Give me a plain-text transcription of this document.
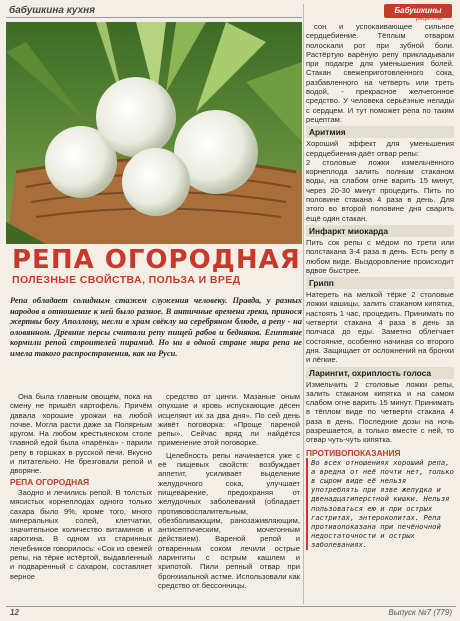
бабушкина кухня	Бабушкины
рецепты
РЕПА ОГОРОДНАЯ
ПОЛЕЗНЫЕ СВОЙСТВА, ПОЛЬЗА И ВРЕД
Репа обладает солидным стажем служения человеку. Правда, у разных народов в отношение к ней было разное. В античные времена греки, принося жертвы богу Аполлону, несли в храм свёклу на серебряном блюде, а репу - на оловянном. Древние персы считали репу пищей рабов и бедняков. Египтяне кормили репой строителей пирамид. Но ни в одной стране мира репа не имела такого распространения, как на Руси.

Она была главным овощем, пока на смену не пришёл картофель. Причём давала хорошие урожаи на любой почве. Могла расти даже за Полярным кругом. На любом крестьянском столе главной едой была «парёнка» - парили репу в горшках в русской печи. Вкусно и питательно. Не брезговали репой и дворяне.

РЕПА ОГОРОДНАЯ

Заодно и лечились репой. В толстых мясистых корнеплодах одного только сахара было 9%, кроме того, много минеральных солей, клетчатки, значительное количество витаминов и каротина. В одном из старинных лечебников говорилось: «Сок из свежей репы, на тёрке истёртой, выдавленный и подваренный с сахаром, составляет верное

средство от цинги. Мазаные оным опухшие и кровь испускающие дёсен исцеляют их за два дня». По сей день живёт поговорка: «Проще пареной репы». Сейчас вряд ли найдётся применение этой поговорке.

Целебность репы начинается уже с её пищевых свойств: возбуждает аппетит, усиливает выделение желудочного сока, улучшает пищеварение, предохраняя от желудочных заболеваний (обладает противовоспалительным, обезболивающим, ранозаживляющим, антисептическим, мочегонным действием). Вареной репой и отваренным соком лечили острые ларингиты с острым кашлем и хрипотой. Пили репный отвар при бронхиальной астме. Использовали как средство от бессонницы.

сон и успокаивающее сильное сердцебиение. Тёплым отваром полоскали рот при зубной боли. Растёртую варёную репу прикладывали при подагре для уменьшения болей. Стакан свежеприготовленного сока, разбавленного на четверть или треть водой, - прекрасное желчегонное средство. У человека серьёзные нелады с сердцем. И тут поможет репа по таким рецептам.

Аритмия
Хороший эффект для уменьшения сердцебиения даёт отвар репы:
2 столовые ложки измельчённого корнеплода залить полным стаканом воды, на слабом огне варить 15 минут, через 20-30 минут процедить. Пить по половине стакана 4 раза в день. Для этого во второй половине дня сварить ещё один стакан.
Инфаркт миокарда
Пить сок репы с мёдом по трети или полстакана 3-4 раза в день. Есть репу в любом виде. Выздоровление происходит вдвое быстрее.
Грипп
Натереть на мелкой тёрке 2 столовые ложки кашицы, залить стаканом кипятка, настоять 1 час, процедить. Принимать по четверти стакана 4 раза в день за полчаса до еды. Заметно облегчает состояние, особенно начиная со второго дня. Защищает от осложнений на бронхи и лёгкие.
Ларингит, охриплость голоса
Измельчить 2 столовые ложки репы, залить стаканом кипятка и на самом слабом огне варить 15 минут. Принимать в тёплом виде по четверти стакана 4 раза в день. Последние дозы на ночь разрешается, а только вместе с ней, то отвар чуть-чуть кипятка.
ПРОТИВОПОКАЗАНИЯ
Во всех отношениях хороший репа, а вредна от неё почти нет, только в сыром виде её нельзя употреблять при язве желудка и двенадцатиперстной кишки. Нельзя пользоваться ею и при острых гастритах, энтероколитах. Репа противопоказана при печёночной недостаточности и острых заболеваниях.
12	Выпуск №7 (779)
